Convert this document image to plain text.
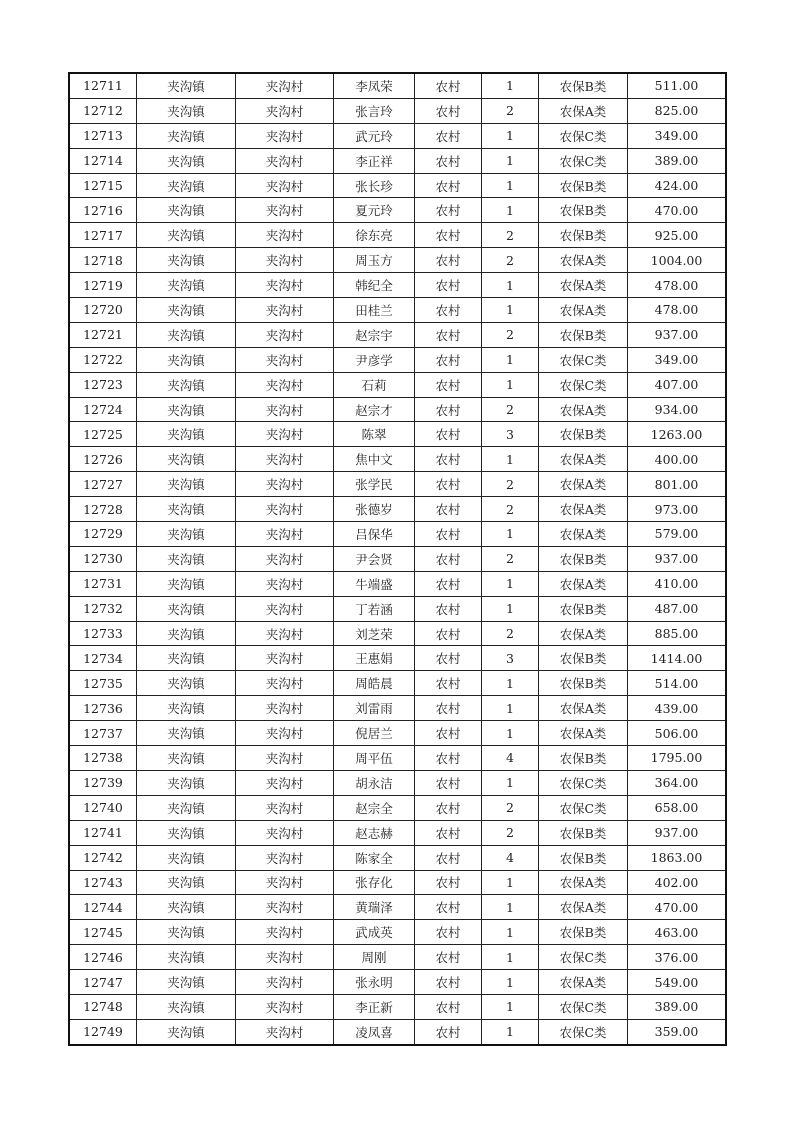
12711	夹沟镇	夹沟村	李凤荣	农村	1	农保B类	511.00
12712	夹沟镇	夹沟村	张言玲	农村	2	农保A类	825.00
12713	夹沟镇	夹沟村	武元玲	农村	1	农保C类	349.00
12714	夹沟镇	夹沟村	李正祥	农村	1	农保C类	389.00
12715	夹沟镇	夹沟村	张长珍	农村	1	农保B类	424.00
12716	夹沟镇	夹沟村	夏元玲	农村	1	农保B类	470.00
12717	夹沟镇	夹沟村	徐东亮	农村	2	农保B类	925.00
12718	夹沟镇	夹沟村	周玉方	农村	2	农保A类	1004.00
12719	夹沟镇	夹沟村	韩纪全	农村	1	农保A类	478.00
12720	夹沟镇	夹沟村	田桂兰	农村	1	农保A类	478.00
12721	夹沟镇	夹沟村	赵宗宇	农村	2	农保B类	937.00
12722	夹沟镇	夹沟村	尹彦学	农村	1	农保C类	349.00
12723	夹沟镇	夹沟村	石莉	农村	1	农保C类	407.00
12724	夹沟镇	夹沟村	赵宗才	农村	2	农保A类	934.00
12725	夹沟镇	夹沟村	陈翠	农村	3	农保B类	1263.00
12726	夹沟镇	夹沟村	焦中文	农村	1	农保A类	400.00
12727	夹沟镇	夹沟村	张学民	农村	2	农保A类	801.00
12728	夹沟镇	夹沟村	张德岁	农村	2	农保A类	973.00
12729	夹沟镇	夹沟村	吕保华	农村	1	农保A类	579.00
12730	夹沟镇	夹沟村	尹会贤	农村	2	农保B类	937.00
12731	夹沟镇	夹沟村	牛端盛	农村	1	农保A类	410.00
12732	夹沟镇	夹沟村	丁若涵	农村	1	农保B类	487.00
12733	夹沟镇	夹沟村	刘芝荣	农村	2	农保A类	885.00
12734	夹沟镇	夹沟村	王惠娟	农村	3	农保B类	1414.00
12735	夹沟镇	夹沟村	周皓晨	农村	1	农保B类	514.00
12736	夹沟镇	夹沟村	刘雷雨	农村	1	农保A类	439.00
12737	夹沟镇	夹沟村	倪居兰	农村	1	农保A类	506.00
12738	夹沟镇	夹沟村	周平伍	农村	4	农保B类	1795.00
12739	夹沟镇	夹沟村	胡永洁	农村	1	农保C类	364.00
12740	夹沟镇	夹沟村	赵宗全	农村	2	农保C类	658.00
12741	夹沟镇	夹沟村	赵志赫	农村	2	农保B类	937.00
12742	夹沟镇	夹沟村	陈家全	农村	4	农保B类	1863.00
12743	夹沟镇	夹沟村	张存化	农村	1	农保A类	402.00
12744	夹沟镇	夹沟村	黄瑞泽	农村	1	农保A类	470.00
12745	夹沟镇	夹沟村	武成英	农村	1	农保B类	463.00
12746	夹沟镇	夹沟村	周刚	农村	1	农保C类	376.00
12747	夹沟镇	夹沟村	张永明	农村	1	农保A类	549.00
12748	夹沟镇	夹沟村	李正新	农村	1	农保C类	389.00
12749	夹沟镇	夹沟村	凌凤喜	农村	1	农保C类	359.00
